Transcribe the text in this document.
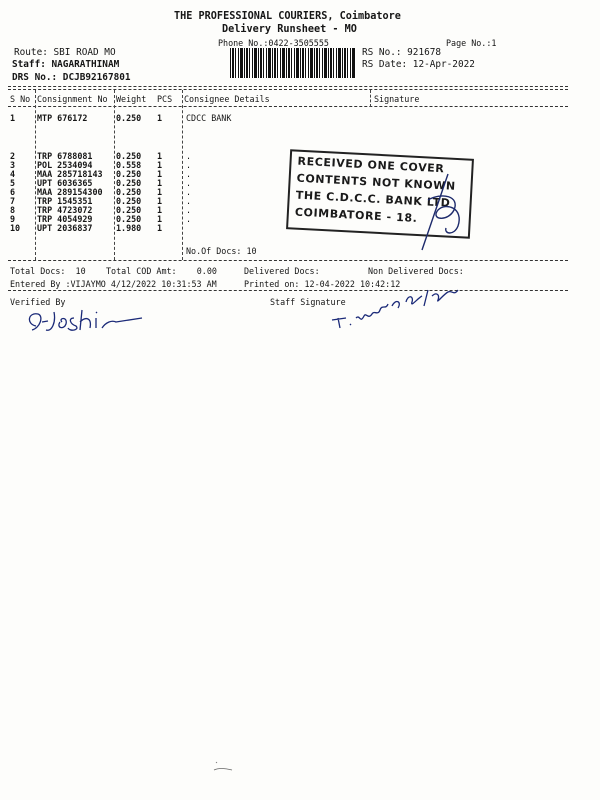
THE PROFESSIONAL COURIERS, Coimbatore
Delivery Runsheet - MO
Phone No.:0422-3505555	Page No.:1
Route: SBI ROAD MO
Staff: NAGARATHINAM
DRS No.: DCJB92167801
RS No.: 921678
RS Date: 12-Apr-2022
S No Consignment No Weight PCS Consignee Details	Signature
1	MTP 676172	0.250 1	CDCC BANK
2	TRP 6788081	0.250 1	.
3	POL 2534094	0.558 1	.
4	MAA 285718143 0.250 1	.
5	UPT 6036365	0.250 1	.
6	MAA 289154300 0.250 1	.
7	TRP 1545351	0.250 1	.
8	TRP 4723072	0.250 1	.
9	TRP 4054929	0.250 1	.
10 UPT 2036837	1.980 1
No.Of Docs: 10
RECEIVED ONE COVER
CONTENTS NOT KNOWN
THE C.D.C.C. BANK LTD
COIMBATORE - 18.
Total Docs:  10 Total COD Amt:    0.00	Delivered Docs:	Non Delivered Docs:
Entered By :VIJAYMO 4/12/2022 10:31:53 AM	Printed on: 12-04-2022 10:42:12
Verified By	Staff Signature
